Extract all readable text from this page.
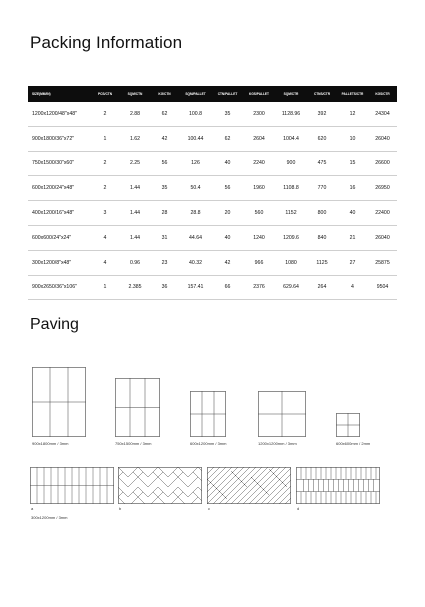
Packing Information
SIZE(MM/IN)	PCS/CTN	SQM/CTN	KG/CTN	SQM/PALLET	CTN/PALLET	KGS/PALLET	SQM/CTR	CTNS/CTR	PALLETS/CTR	KGS/CTR
1200x1200/48"x48"	2	2.88	62	100.8	35	2300	1128.96	392	12	24304
900x1800/36"x72"	1	1.62	42	100.44	62	2604	1004.4	620	10	26040
750x1500/30"x60"	2	2.25	56	126	40	2240	900	475	15	26600
600x1200/24"x48"	2	1.44	35	50.4	56	1960	1108.8	770	16	26950
400x1200/16"x48"	3	1.44	28	28.8	20	560	1152	800	40	22400
600x600/24"x24"	4	1.44	31	44.64	40	1240	1209.6	840	21	26040
300x1200/8"x48"	4	0.96	23	40.32	42	966	1080	1125	27	25875
900x2650/36"x106"	1	2.385	36	157.41	66	2376	629.64	264	4	9504
Paving
900x1800mm / 3mm	750x1500mm / 3mm	600x1200mm / 3mm	1200x1200mm / 3mm	600x600mm / 2mm
a
300x1200mm / 3mm
b	c	d
